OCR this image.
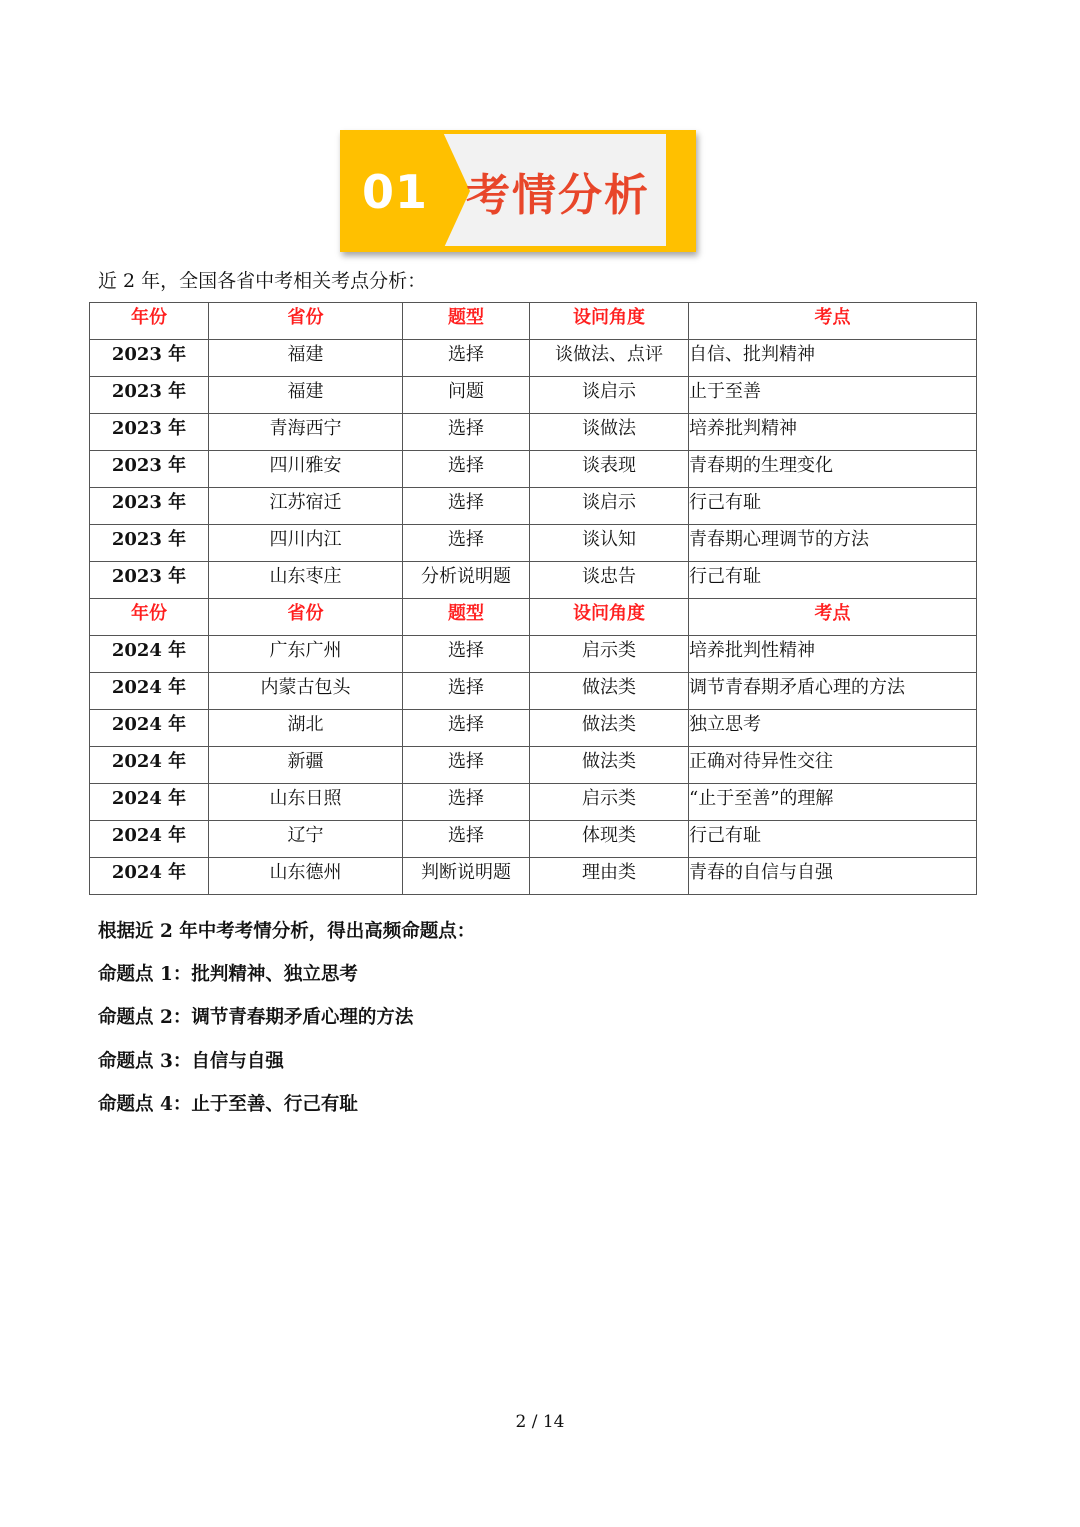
01 考情分析
近 2 年，全国各省中考相关考点分析：
年份	省份	题型	设问角度	考点
2023 年	福建	选择	谈做法、点评	自信、批判精神
2023 年	福建	问题	谈启示	止于至善
2023 年	青海西宁	选择	谈做法	培养批判精神
2023 年	四川雅安	选择	谈表现	青春期的生理变化
2023 年	江苏宿迁	选择	谈启示	行己有耻
2023 年	四川内江	选择	谈认知	青春期心理调节的方法
2023 年	山东枣庄	分析说明题	谈忠告	行己有耻
年份	省份	题型	设问角度	考点
2024 年	广东广州	选择	启示类	培养批判性精神
2024 年	内蒙古包头	选择	做法类	调节青春期矛盾心理的方法
2024 年	湖北	选择	做法类	独立思考
2024 年	新疆	选择	做法类	正确对待异性交往
2024 年	山东日照	选择	启示类	“止于至善”的理解
2024 年	辽宁	选择	体现类	行己有耻
2024 年	山东德州	判断说明题	理由类	青春的自信与自强
根据近 2 年中考考情分析，得出高频命题点：
命题点 1：批判精神、独立思考
命题点 2：调节青春期矛盾心理的方法
命题点 3：自信与自强
命题点 4：止于至善、行己有耻
2 / 14
